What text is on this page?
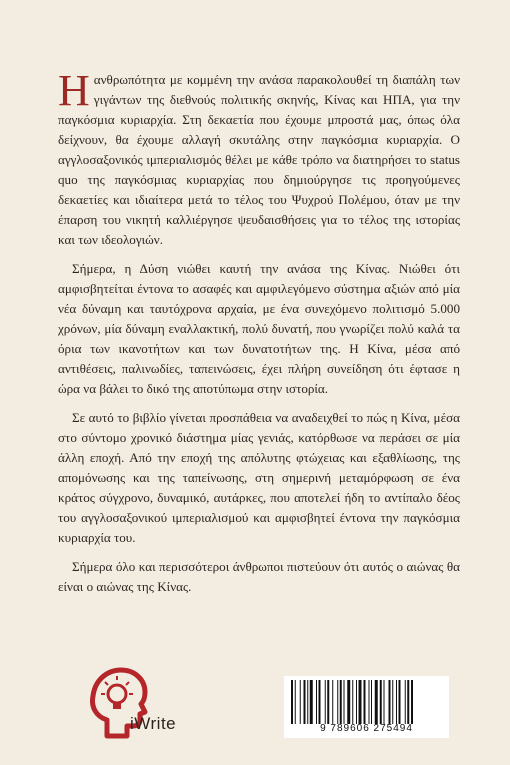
Ηανθρωπότητα με κομμένη την ανάσα παρακολουθεί τη διαπάλη των γιγάντων της διεθνούς πολιτικής σκηνής, Κίνας και ΗΠΑ, για την παγκόσμια κυριαρχία. Στη δεκαετία που έχουμε μπροστά μας, όπως όλα δείχνουν, θα έχουμε αλλαγή σκυτάλης στην παγκόσμια κυριαρχία. Ο αγγλοσαξονικός ιμπεριαλισμός θέλει με κάθε τρόπο να διατηρήσει το status quo της παγκόσμιας κυριαρχίας που δημιούργησε τις προηγούμενες δεκαετίες και ιδιαίτερα μετά το τέλος του Ψυχρού Πολέμου, όταν με την έπαρση του νικητή καλλιέργησε ψευδαισθήσεις για το τέλος της ιστορίας και των ιδεολογιών.

Σήμερα, η Δύση νιώθει καυτή την ανάσα της Κίνας. Νιώθει ότι αμφισβητείται έντονα το ασαφές και αμφιλεγόμενο σύστημα αξιών από μία νέα δύναμη και ταυτόχρονα αρχαία, με ένα συνεχόμενο πολιτισμό 5.000 χρόνων, μία δύναμη εναλλακτική, πολύ δυνατή, που γνωρίζει πολύ καλά τα όρια των ικανοτήτων και των δυνατοτήτων της. Η Κίνα, μέσα από αντιθέσεις, παλινωδίες, ταπεινώσεις, έχει πλήρη συνείδηση ότι έφτασε η ώρα να βάλει το δικό της αποτύπωμα στην ιστορία.

Σε αυτό το βιβλίο γίνεται προσπάθεια να αναδειχθεί το πώς η Κίνα, μέσα στο σύντομο χρονικό διάστημα μίας γενιάς, κατόρθωσε να περάσει σε μία άλλη εποχή. Από την εποχή της απόλυτης φτώχειας και εξαθλίωσης, της απομόνωσης και της ταπείνωσης, στη σημερινή μεταμόρφωση σε ένα κράτος σύγχρονο, δυναμικό, αυτάρκες, που αποτελεί ήδη το αντίπαλο δέος του αγγλοσαξονικού ιμπεριαλισμού και αμφισβητεί έντονα την παγκόσμια κυριαρχία του.

Σήμερα όλο και περισσότεροι άνθρωποι πιστεύουν ότι αυτός ο αιώνας θα είναι ο αιώνας της Κίνας.

iWrite	9 789606 275494
